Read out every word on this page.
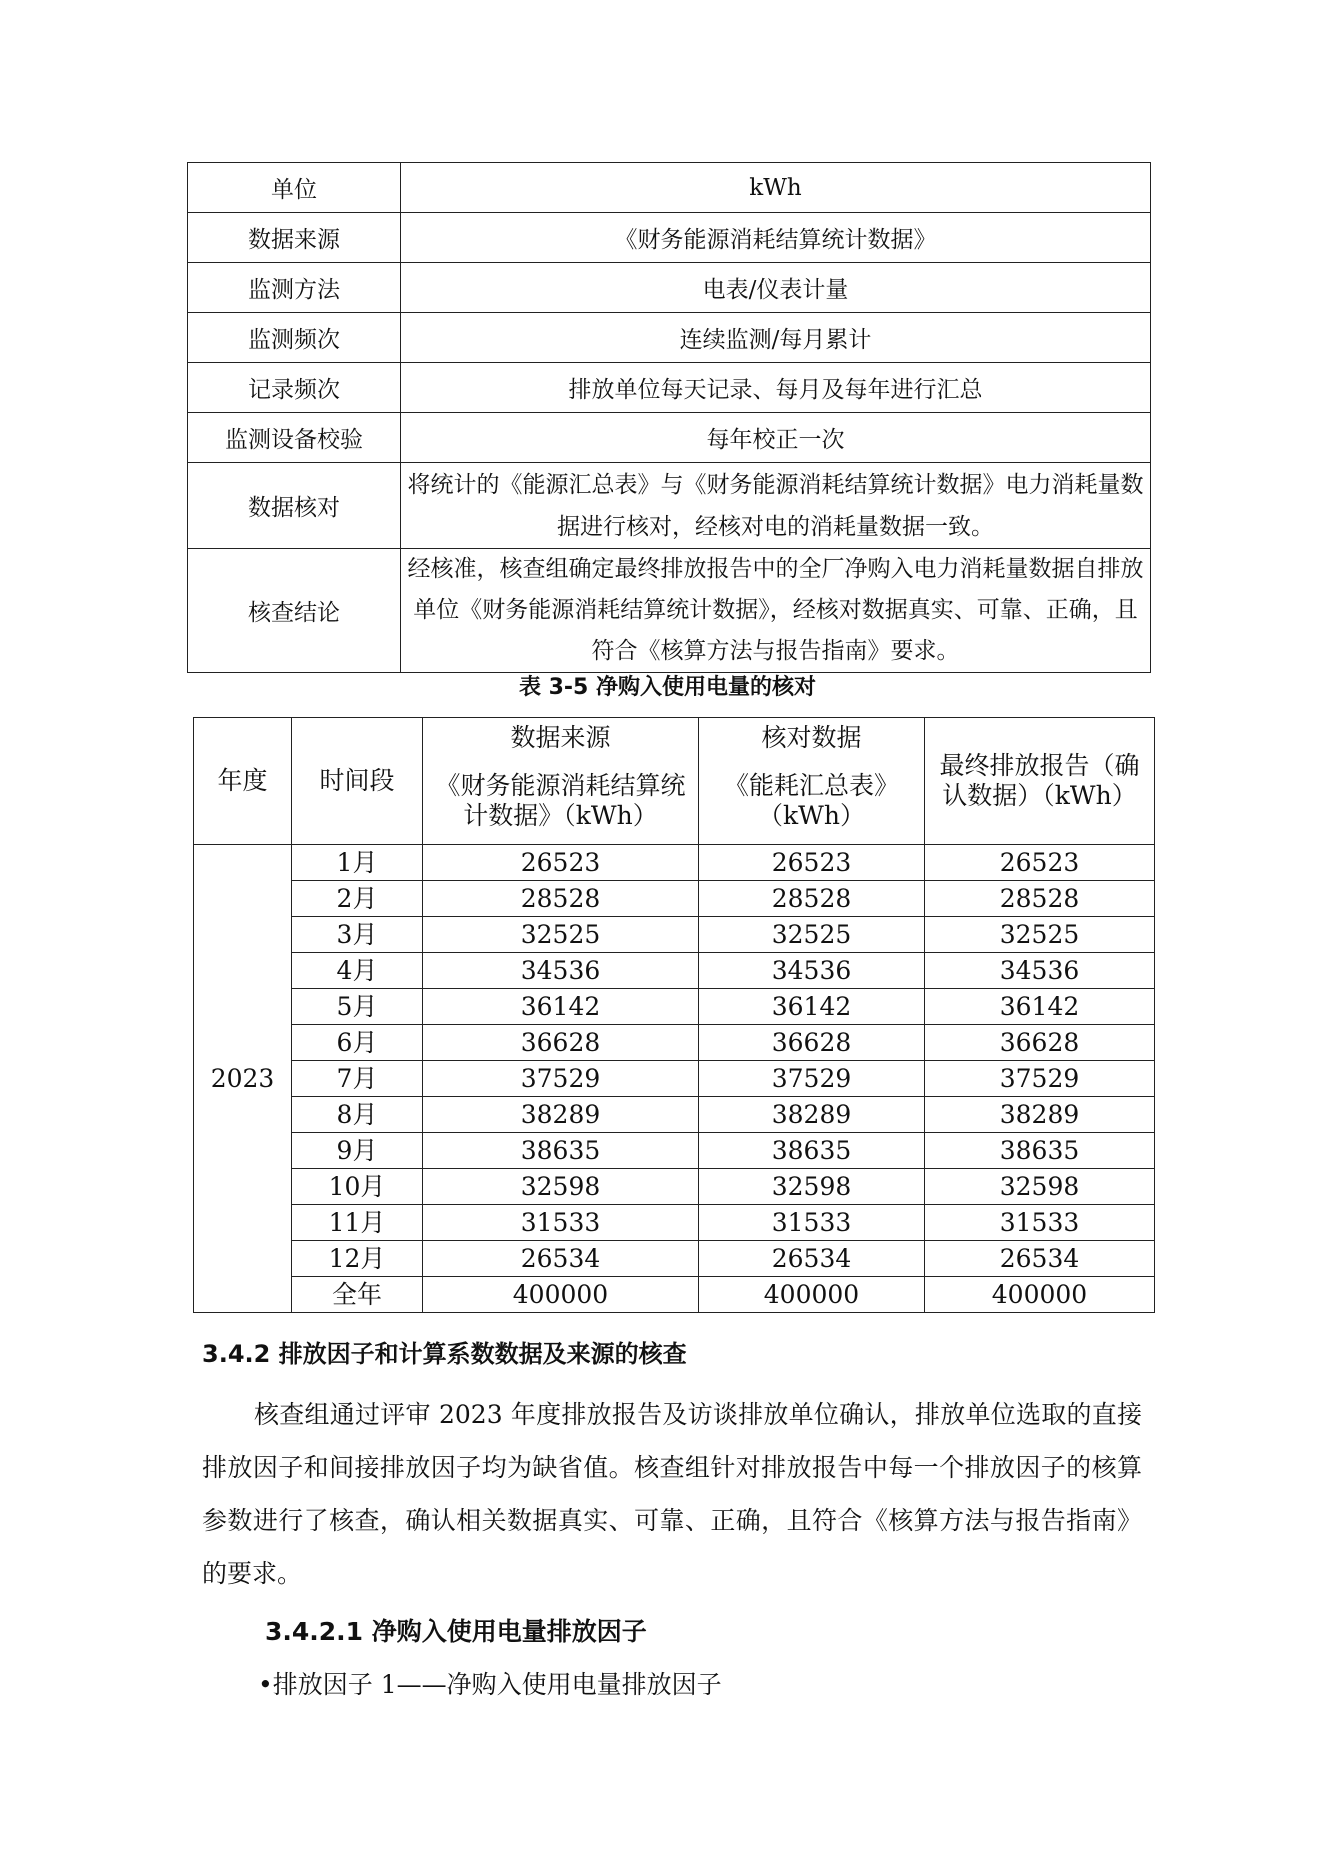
单位	kWh
数据来源	《财务能源消耗结算统计数据》
监测方法	电表/仪表计量
监测频次	连续监测/每月累计
记录频次	排放单位每天记录、每月及每年进行汇总
监测设备校验	每年校正一次
数据核对	将统计的《能源汇总表》与《财务能源消耗结算统计数据》电力消耗量数
据进行核对，经核对电的消耗量数据一致。

核查结论	经核准，核查组确定最终排放报告中的全厂净购入电力消耗量数据自排放
单位《财务能源消耗结算统计数据》，经核对数据真实、可靠、正确，且
符合《核算方法与报告指南》要求。
表 3-5 净购入使用电量的核对
年度	时间段	数据来源	核对数据	最终排放报告（确认数据）（kWh）
		《财务能源消耗结算统计数据》（kWh）	《能耗汇总表》（kWh）	
2023	1月	26523	26523	26523
	2月	28528	28528	28528
	3月	32525	32525	32525
	4月	34536	34536	34536
	5月	36142	36142	36142
	6月	36628	36628	36628
	7月	37529	37529	37529
	8月	38289	38289	38289
	9月	38635	38635	38635
	10月	32598	32598	32598
	11月	31533	31533	31533
	12月	26534	26534	26534
	全年	400000	400000	400000
3.4.2 排放因子和计算系数数据及来源的核查
核查组通过评审 2023 年度排放报告及访谈排放单位确认，排放单位选取的直接排放因子和间接排放因子均为缺省值。核查组针对排放报告中每一个排放因子的核算参数进行了核查，确认相关数据真实、可靠、正确，且符合《核算方法与报告指南》的要求。
3.4.2.1 净购入使用电量排放因子
•排放因子 1——净购入使用电量排放因子
